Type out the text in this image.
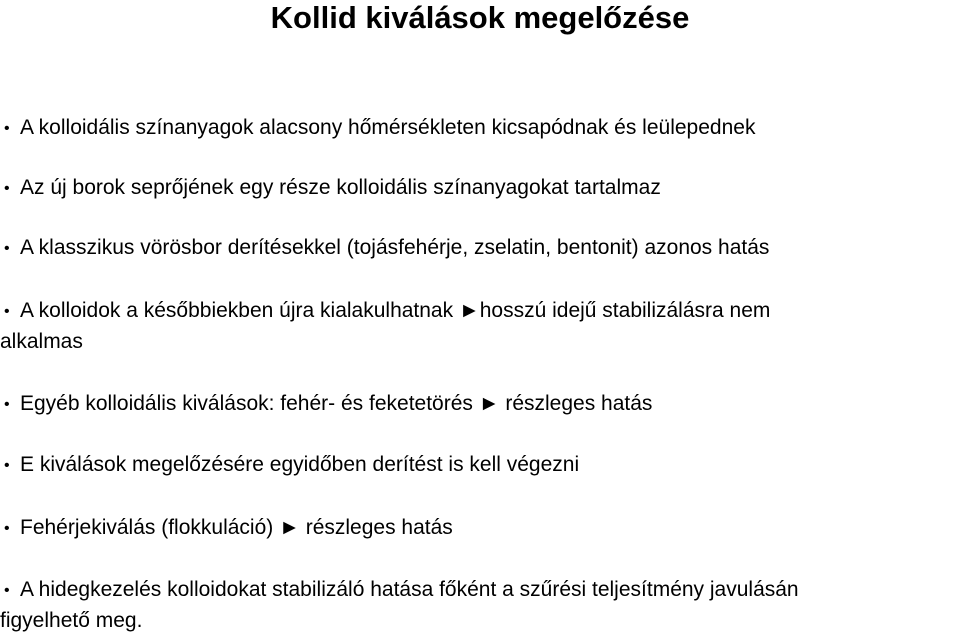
Kollid kiválások megelőzése
• A kolloidális színanyagok alacsony hőmérsékleten kicsapódnak és leülepednek
• Az új borok seprőjének egy része kolloidális színanyagokat tartalmaz
• A klasszikus vörösbor derítésekkel (tojásfehérje, zselatin, bentonit) azonos hatás
• A kolloidok a későbbiekben újra kialakulhatnak ►hosszú idejű stabilizálásra nem
alkalmas
• Egyéb kolloidális kiválások: fehér- és feketetörés ► részleges hatás
• E kiválások megelőzésére egyidőben derítést is kell végezni
• Fehérjekiválás (flokkuláció) ► részleges hatás
• A hidegkezelés kolloidokat stabilizáló hatása főként a szűrési teljesítmény javulásán
figyelhető meg.
